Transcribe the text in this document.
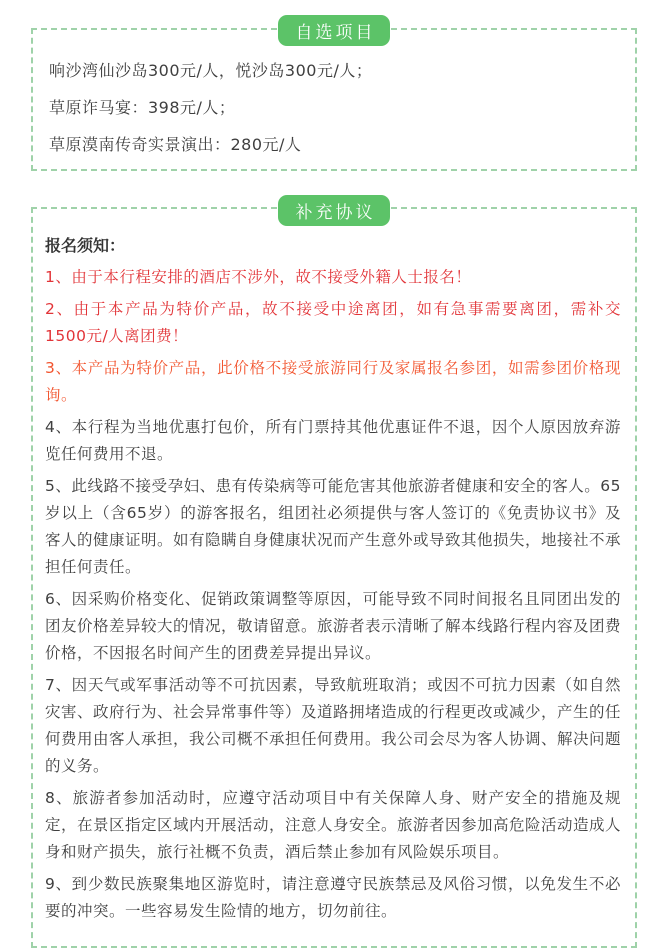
自选项目

响沙湾仙沙岛300元/人，悦沙岛300元/人；

草原诈马宴：398元/人；

草原漠南传奇实景演出：280元/人

补充协议

报名须知：

1、由于本行程安排的酒店不涉外，故不接受外籍人士报名！

2、由于本产品为特价产品，故不接受中途离团，如有急事需要离团，需补交1500元/人离团费！

3、本产品为特价产品，此价格不接受旅游同行及家属报名参团，如需参团价格现询。

4、本行程为当地优惠打包价，所有门票持其他优惠证件不退，因个人原因放弃游览任何费用不退。

5、此线路不接受孕妇、患有传染病等可能危害其他旅游者健康和安全的客人。65岁以上（含65岁）的游客报名，组团社必须提供与客人签订的《免责协议书》及客人的健康证明。如有隐瞒自身健康状况而产生意外或导致其他损失，地接社不承担任何责任。

6、因采购价格变化、促销政策调整等原因，可能导致不同时间报名且同团出发的团友价格差异较大的情况，敬请留意。旅游者表示清晰了解本线路行程内容及团费价格，不因报名时间产生的团费差异提出异议。

7、因天气或军事活动等不可抗因素，导致航班取消；或因不可抗力因素（如自然灾害、政府行为、社会异常事件等）及道路拥堵造成的行程更改或减少，产生的任何费用由客人承担，我公司概不承担任何费用。我公司会尽为客人协调、解决问题的义务。

8、旅游者参加活动时，应遵守活动项目中有关保障人身、财产安全的措施及规定，在景区指定区域内开展活动，注意人身安全。旅游者因参加高危险活动造成人身和财产损失，旅行社概不负责，酒后禁止参加有风险娱乐项目。

9、到少数民族聚集地区游览时，请注意遵守民族禁忌及风俗习惯，以免发生不必要的冲突。一些容易发生险情的地方，切勿前往。
